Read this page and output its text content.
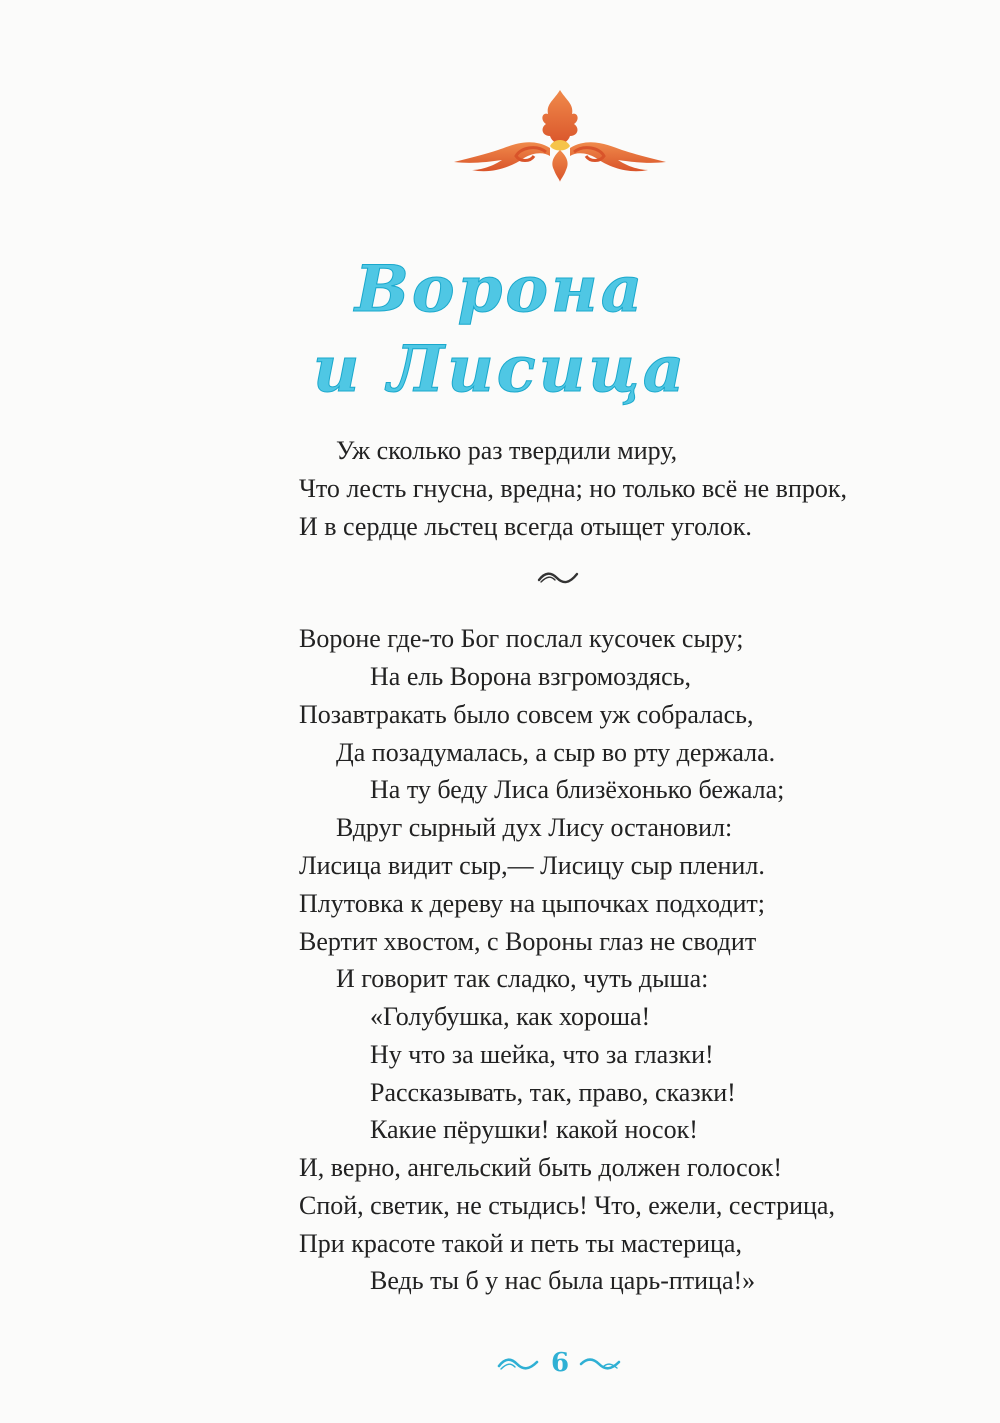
Ворона
и Лисица
Уж сколько раз твердили миру,
Что лесть гнусна, вредна; но только всё не впрок,
И в сердце льстец всегда отыщет уголок.
Вороне где-то Бог послал кусочек сыру;
На ель Ворона взгромоздясь,
Позавтракать было совсем уж собралась,
Да позадумалась, а сыр во рту держала.
На ту беду Лиса близёхонько бежала;
Вдруг сырный дух Лису остановил:
Лисица видит сыр,— Лисицу сыр пленил.
Плутовка к дереву на цыпочках подходит;
Вертит хвостом, с Вороны глаз не сводит
И говорит так сладко, чуть дыша:
«Голубушка, как хороша!
Ну что за шейка, что за глазки!
Рассказывать, так, право, сказки!
Какие пёрушки! какой носок!
И, верно, ангельский быть должен голосок!
Спой, светик, не стыдись! Что, ежели, сестрица,
При красоте такой и петь ты мастерица,
Ведь ты б у нас была царь-птица!»
6
